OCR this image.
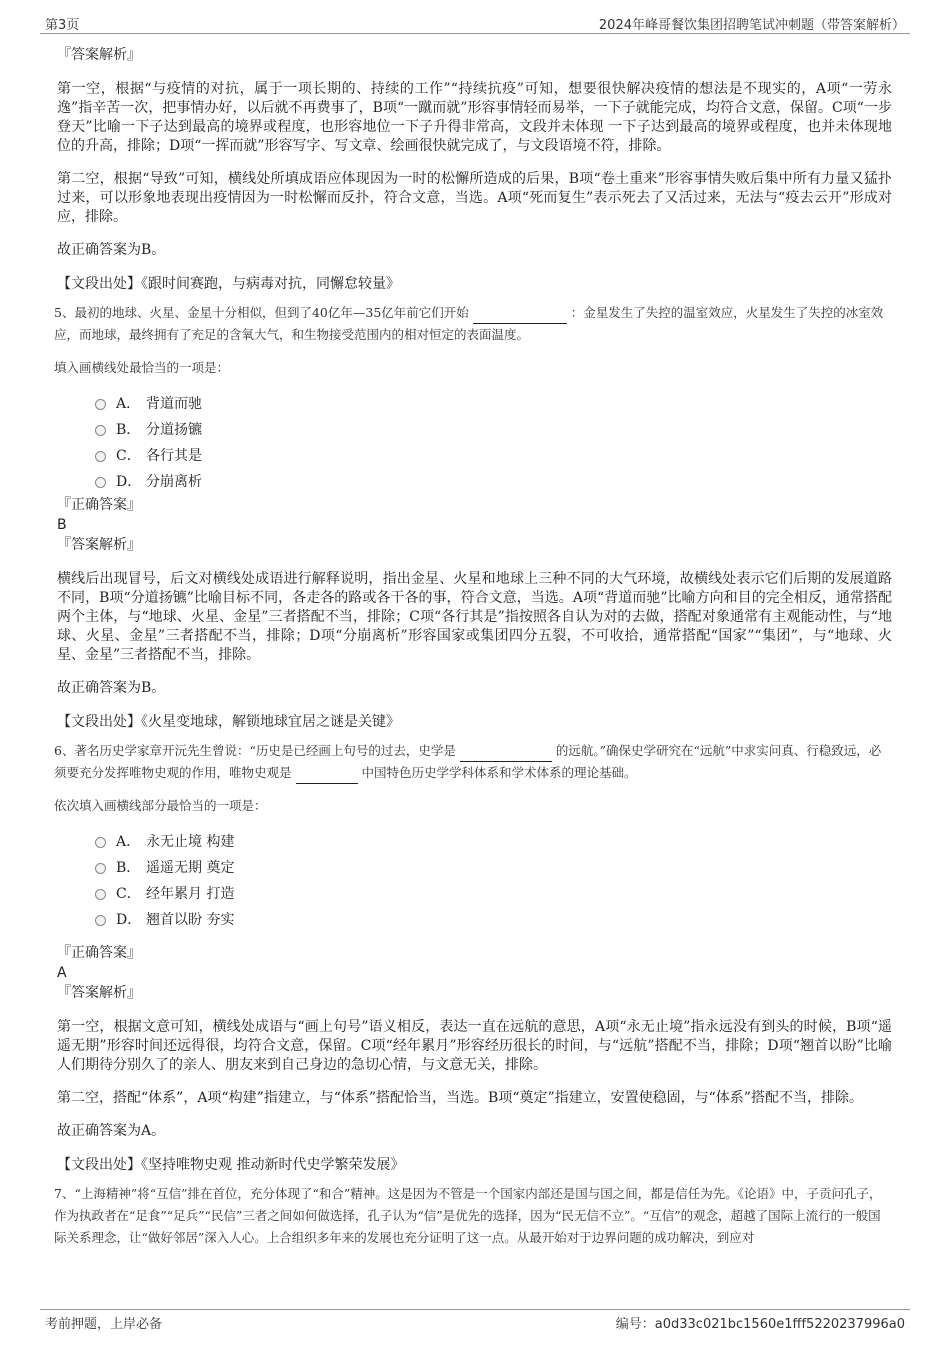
第3页	2024年峰哥餐饮集团招聘笔试冲刺题（带答案解析）

『答案解析』

第一空，根据“与疫情的对抗，属于一项长期的、持续的工作”“持续抗疫”可知，想要很快解决疫情的想法是不现实的，A项“一劳永逸”指辛苦一次，把事情办好，以后就不再费事了，B项“一蹴而就”形容事情轻而易举，一下子就能完成，均符合文意，保留。C项“一步登天”比喻一下子达到最高的境界或程度，也形容地位一下子升得非常高，文段并未体现 一下子达到最高的境界或程度，也并未体现地位的升高，排除；D项“一挥而就”形容写字、写文章、绘画很快就完成了，与文段语境不符，排除。

第二空，根据“导致”可知，横线处所填成语应体现因为一时的松懈所造成的后果，B项“卷土重来”形容事情失败后集中所有力量又猛扑过来，可以形象地表现出疫情因为一时松懈而反扑，符合文意，当选。A项“死而复生”表示死去了又活过来，无法与“疫去云开”形成对应，排除。

故正确答案为B。

【文段出处】《跟时间赛跑，与病毒对抗，同懈怠较量》

5、最初的地球、火星、金星十分相似，但到了40亿年—35亿年前它们开始	：金星发生了失控的温室效应，火星发生了失控的冰室效应，而地球，最终拥有了充足的含氧大气，和生物接受范围内的相对恒定的表面温度。

填入画横线处最恰当的一项是：

A． 背道而驰
B． 分道扬镳
C． 各行其是
D． 分崩离析

『正确答案』

B

『答案解析』

横线后出现冒号，后文对横线处成语进行解释说明，指出金星、火星和地球上三种不同的大气环境，故横线处表示它们后期的发展道路不同，B项“分道扬镳”比喻目标不同，各走各的路或各干各的事，符合文意，当选。A项“背道而驰”比喻方向和目的完全相反，通常搭配两个主体，与“地球、火星、金星”三者搭配不当，排除；C项“各行其是”指按照各自认为对的去做，搭配对象通常有主观能动性，与“地球、火星、金星”三者搭配不当，排除；D项“分崩离析”形容国家或集团四分五裂，不可收拾，通常搭配“国家”“集团”，与“地球、火星、金星”三者搭配不当，排除。

故正确答案为B。

【文段出处】《火星变地球，解锁地球宜居之谜是关键》

6、著名历史学家章开沅先生曾说：“历史是已经画上句号的过去，史学是	的远航。”确保史学研究在“远航”中求实问真、行稳致远，必须要充分发挥唯物史观的作用，唯物史观是	中国特色历史学学科体系和学术体系的理论基础。

依次填入画横线部分最恰当的一项是：

A． 永无止境 构建
B． 遥遥无期 奠定
C． 经年累月 打造
D． 翘首以盼 夯实

『正确答案』

A

『答案解析』

第一空，根据文意可知，横线处成语与“画上句号”语义相反，表达一直在远航的意思，A项“永无止境”指永远没有到头的时候，B项“遥遥无期”形容时间还远得很，均符合文意，保留。C项“经年累月”形容经历很长的时间，与“远航”搭配不当，排除；D项“翘首以盼”比喻人们期待分别久了的亲人、朋友来到自己身边的急切心情，与文意无关，排除。

第二空，搭配“体系”，A项“构建”指建立，与“体系”搭配恰当，当选。B项“奠定”指建立，安置使稳固，与“体系”搭配不当，排除。

故正确答案为A。

【文段出处】《坚持唯物史观 推动新时代史学繁荣发展》

7、“上海精神”将“互信”排在首位，充分体现了“和合”精神。这是因为不管是一个国家内部还是国与国之间，都是信任为先。《论语》中，子贡问孔子，作为执政者在“足食”“足兵”“民信”三者之间如何做选择，孔子认为“信”是优先的选择，因为“民无信不立”。“互信”的观念，超越了国际上流行的一般国际关系理念，让“做好邻居”深入人心。上合组织多年来的发展也充分证明了这一点。从最开始对于边界问题的成功解决，到应对

考前押题，上岸必备	编号：a0d33c021bc1560e1fff5220237996a0
